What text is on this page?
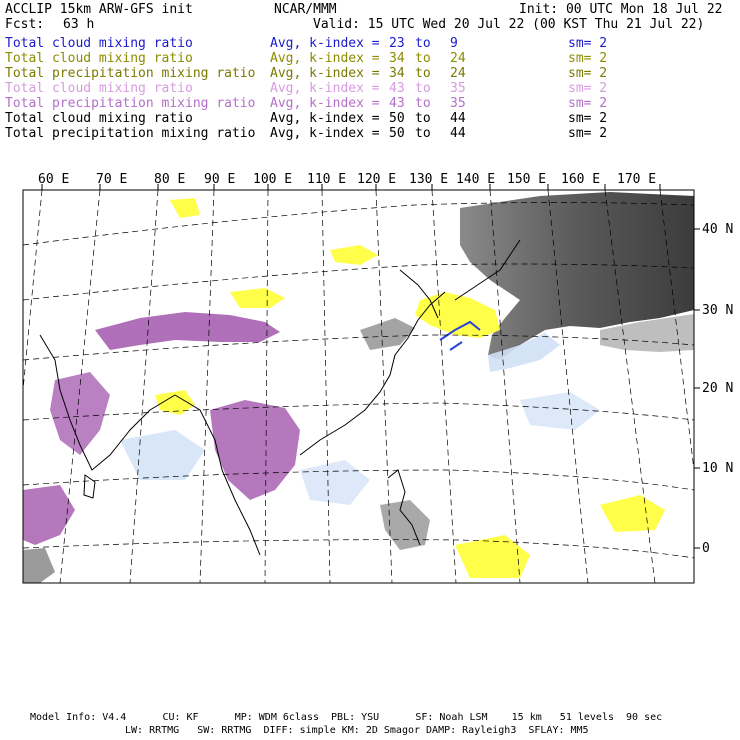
ACCLIP 15km ARW-GFS init	NCAR/MMM	Init: 00 UTC Mon 18 Jul 22
Fcst: 63 h	Valid: 15 UTC Wed 20 Jul 22 (00 KST Thu 21 Jul 22)
Total cloud mixing ratio	Avg, k-index = 23 to 9	sm= 2
Total cloud mixing ratio	Avg, k-index = 34 to 24	sm= 2
Total precipitation mixing ratio Avg, k-index = 34 to 24	sm= 2
Total cloud mixing ratio	Avg, k-index = 43 to 35	sm= 2
Total precipitation mixing ratio Avg, k-index = 43 to 35	sm= 2
Total cloud mixing ratio	Avg, k-index = 50 to 44	sm= 2
Total precipitation mixing ratio Avg, k-index = 50 to 44	sm= 2
60 E 70 E 80 E 90 E 100 E 110 E 120 E 130 E 140 E 150 E 160 E 170 E
40 N
30 N
20 N
10 N
0
Model Info: V4.4      CU: KF      MP: WDM 6class  PBL: YSU      SF: Noah LSM    15 km   51 levels  90 sec
LW: RRTMG   SW: RRTMG  DIFF: simple KM: 2D Smagor DAMP: Rayleigh3  SFLAY: MM5
